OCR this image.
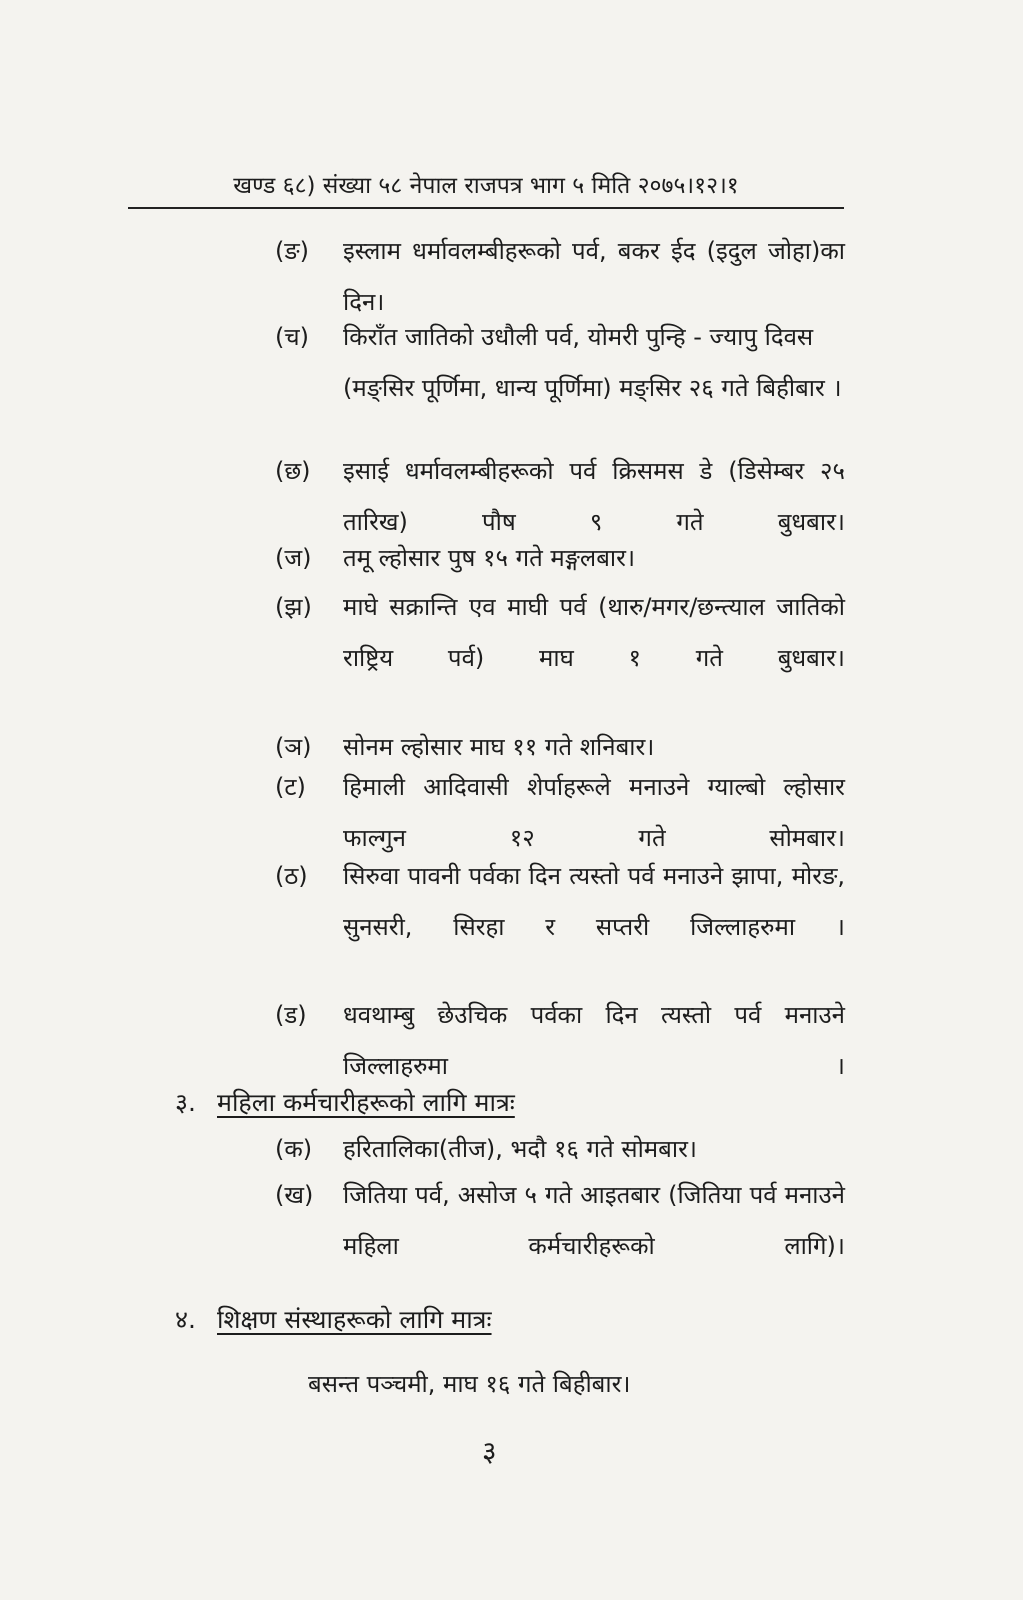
खण्ड ६८) संख्या ५८ नेपाल राजपत्र भाग ५ मिति २०७५।१२।१
(ङ)	इस्लाम धर्मावलम्बीहरूको पर्व, बकर ईद (इदुल जोहा)का दिन।
(च)	किराँत जातिको उधौली पर्व, योमरी पुन्हि - ज्यापु दिवस (मङ्सिर पूर्णिमा, धान्य पूर्णिमा) मङ्सिर २६ गते बिहीबार ।
(छ)	इसाई धर्मावलम्बीहरूको पर्व क्रिसमस डे (डिसेम्बर २५ तारिख) पौष ९ गते बुधबार।
(ज)	तमू ल्होसार पुष १५ गते मङ्गलबार।
(झ)	माघे सक्रान्ति एव माघी पर्व (थारु/मगर/छन्त्याल जातिको राष्ट्रिय पर्व) माघ १ गते बुधबार।
(ञ)	सोनम ल्होसार माघ ११ गते शनिबार।
(ट)	हिमाली आदिवासी शेर्पाहरूले मनाउने ग्याल्बो ल्होसार फाल्गुन १२ गते सोमबार।
(ठ)	सिरुवा पावनी पर्वका दिन त्यस्तो पर्व मनाउने झापा, मोरङ, सुनसरी, सिरहा र सप्तरी जिल्लाहरुमा ।
(ड)	धवथाम्बु छेउचिक पर्वका दिन त्यस्तो पर्व मनाउने जिल्लाहरुमा ।
३. महिला कर्मचारीहरूको लागि मात्रः
(क)	हरितालिका(तीज), भदौ १६ गते सोमबार।
(ख)	जितिया पर्व, असोज ५ गते आइतबार (जितिया पर्व मनाउने महिला कर्मचारीहरूको लागि)।
४. शिक्षण संस्थाहरूको लागि मात्रः
बसन्त पञ्चमी, माघ १६ गते बिहीबार।
३
